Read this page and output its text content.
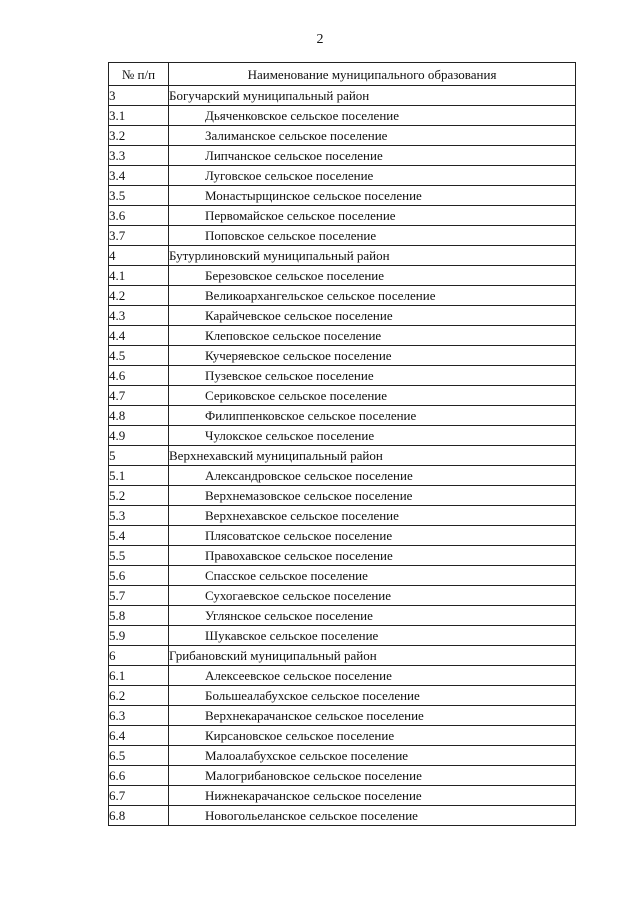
2
№ п/п	Наименование муниципального образования
3	Богучарский муниципальный район
3.1	Дьяченковское сельское поселение
3.2	Залиманское сельское поселение
3.3	Липчанское сельское поселение
3.4	Луговское сельское поселение
3.5	Монастырщинское сельское поселение
3.6	Первомайское сельское поселение
3.7	Поповское сельское поселение
4	Бутурлиновский муниципальный район
4.1	Березовское сельское поселение
4.2	Великоархангельское сельское поселение
4.3	Карайчевское сельское поселение
4.4	Клеповское сельское поселение
4.5	Кучеряевское сельское поселение
4.6	Пузевское сельское поселение
4.7	Сериковское сельское поселение
4.8	Филиппенковское сельское поселение
4.9	Чулокское сельское поселение
5	Верхнехавский муниципальный район
5.1	Александровское сельское поселение
5.2	Верхнемазовское сельское поселение
5.3	Верхнехавское сельское поселение
5.4	Плясоватское сельское поселение
5.5	Правохавское сельское поселение
5.6	Спасское сельское поселение
5.7	Сухогаевское сельское поселение
5.8	Углянское сельское поселение
5.9	Шукавское сельское поселение
6	Грибановский муниципальный район
6.1	Алексеевское сельское поселение
6.2	Большеалабухское сельское поселение
6.3	Верхнекарачанское сельское поселение
6.4	Кирсановское сельское поселение
6.5	Малоалабухское сельское поселение
6.6	Малогрибановское сельское поселение
6.7	Нижнекарачанское сельское поселение
6.8	Новогольеланское сельское поселение
